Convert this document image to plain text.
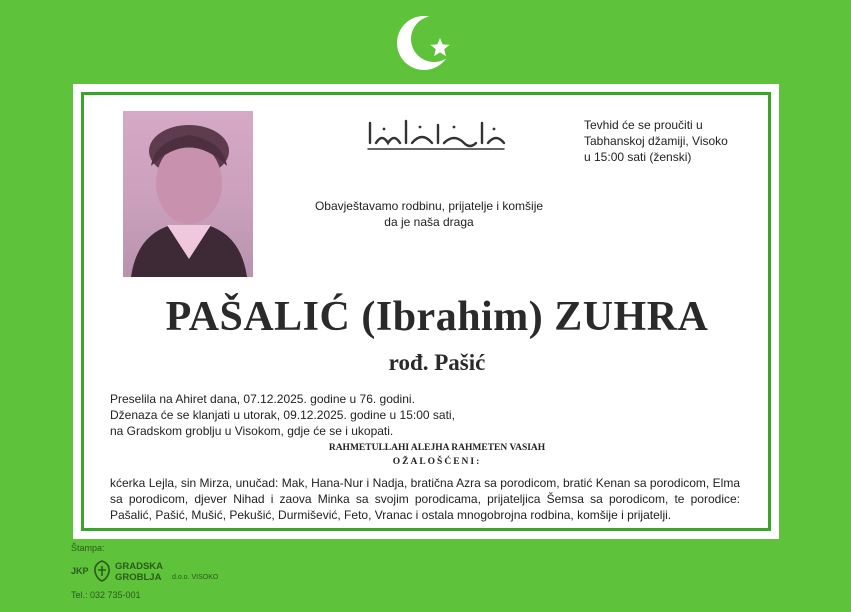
Tevhid će se proučiti u
Tabhanskoj džamiji, Visoko
u 15:00 sati (ženski)
Obavještavamo rodbinu, prijatelje i komšije
da je naša draga
PAŠALIĆ (Ibrahim) ZUHRA
rođ. Pašić
Preselila na Ahiret dana, 07.12.2025. godine u 76. godini.
Dženaza će se klanjati u utorak, 09.12.2025. godine u 15:00 sati,
na Gradskom groblju u Visokom, gdje će se i ukopati.
RAHMETULLAHI ALEJHA RAHMETEN VASIAH
OŽALOŠĆENI:
kćerka Lejla, sin Mirza, unučad: Mak, Hana-Nur i Nadja, bratična Azra sa porodicom, bratić Kenan sa porodicom, Elma sa porodicom, djever Nihad i zaova Minka sa svojim porodicama, prijateljica Šemsa sa porodicom, te porodice: Pašalić, Pašić, Mušić, Pekušić, Durmišević, Feto, Vranac i ostala mnogobrojna rodbina, komšije i prijatelji.
Štampa:
JKP	GRADSKA
GROBLJA d.o.o. VISOKO
Tel.: 032 735-001
